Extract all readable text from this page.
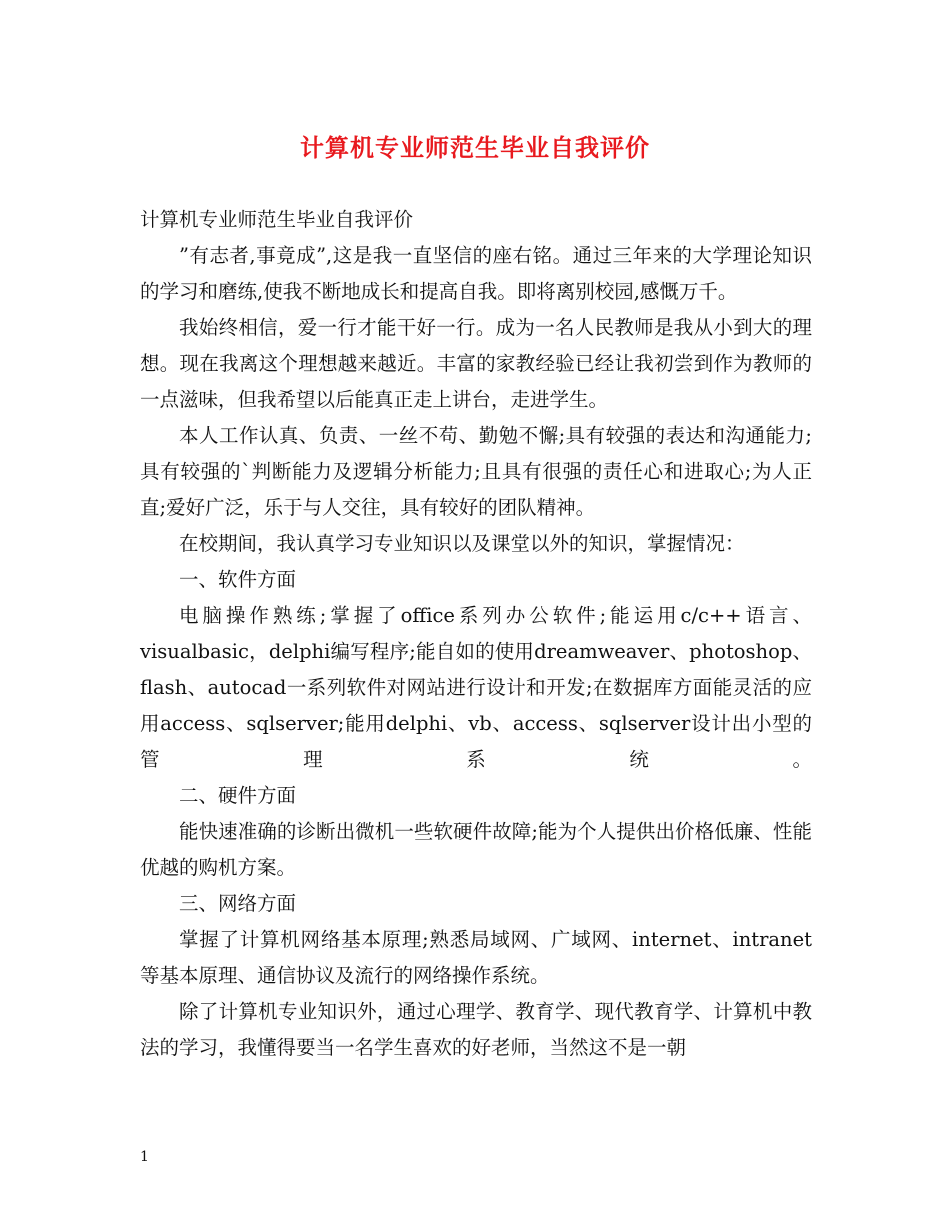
计算机专业师范生毕业自我评价

计算机专业师范生毕业自我评价

”有志者,事竟成”,这是我一直坚信的座右铭。通过三年来的大学理论知识的学习和磨练,使我不断地成长和提高自我。即将离别校园,感慨万千。

我始终相信，爱一行才能干好一行。成为一名人民教师是我从小到大的理想。现在我离这个理想越来越近。丰富的家教经验已经让我初尝到作为教师的一点滋味，但我希望以后能真正走上讲台，走进学生。

本人工作认真、负责、一丝不苟、勤勉不懈;具有较强的表达和沟通能力;具有较强的`判断能力及逻辑分析能力;且具有很强的责任心和进取心;为人正直;爱好广泛，乐于与人交往，具有较好的团队精神。

在校期间，我认真学习专业知识以及课堂以外的知识，掌握情况：

一、软件方面

电脑操作熟练;掌握了office系列办公软件;能运用c/c++语言、visualbasic，delphi编写程序;能自如的使用dreamweaver、photoshop、flash、autocad一系列软件对网站进行设计和开发;在数据库方面能灵活的应用access、sqlserver;能用delphi、vb、access、sqlserver设计出小型的管理系统。

二、硬件方面

能快速准确的诊断出微机一些软硬件故障;能为个人提供出价格低廉、性能优越的购机方案。

三、网络方面

掌握了计算机网络基本原理;熟悉局域网、广域网、internet、intranet等基本原理、通信协议及流行的网络操作系统。

除了计算机专业知识外，通过心理学、教育学、现代教育学、计算机中教法的学习，我懂得要当一名学生喜欢的好老师，当然这不是一朝

1
